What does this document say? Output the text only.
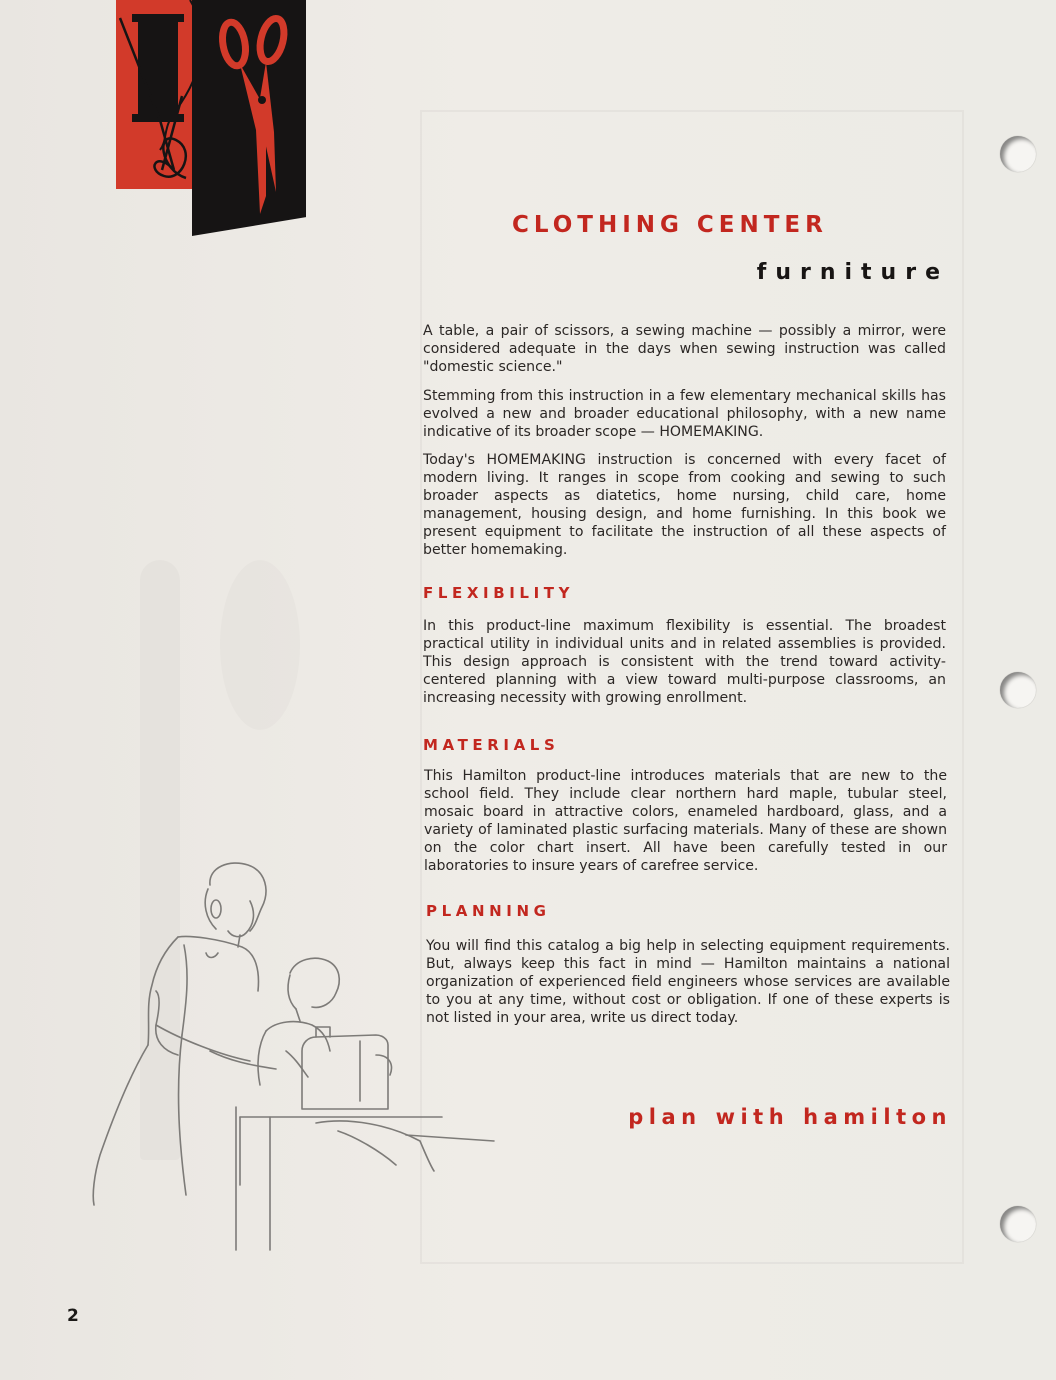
CLOTHING CENTER
furniture

A table, a pair of scissors, a sewing machine — possibly a mirror, were considered adequate in the days when sewing instruction was called "domestic science."

Stemming from this instruction in a few elementary mechanical skills has evolved a new and broader educational philosophy, with a new name indicative of its broader scope — HOMEMAKING.

Today's HOMEMAKING instruction is concerned with every facet of modern living. It ranges in scope from cooking and sewing to such broader aspects as diatetics, home nursing, child care, home management, housing design, and home furnishing. In this book we present equipment to facilitate the instruction of all these aspects of better homemaking.

FLEXIBILITY

In this product-line maximum flexibility is essential. The broadest practical utility in individual units and in related assemblies is provided. This design approach is consistent with the trend toward activity-centered planning with a view toward multi-purpose classrooms, an increasing necessity with growing enrollment.

MATERIALS

This Hamilton product-line introduces materials that are new to the school field. They include clear northern hard maple, tubular steel, mosaic board in attractive colors, enameled hardboard, glass, and a variety of laminated plastic surfacing materials. Many of these are shown on the color chart insert. All have been carefully tested in our laboratories to insure years of carefree service.

PLANNING

You will find this catalog a big help in selecting equipment requirements. But, always keep this fact in mind — Hamilton maintains a national organization of experienced field engineers whose services are available to you at any time, without cost or obligation. If one of these experts is not listed in your area, write us direct today.

plan with hamilton
2
